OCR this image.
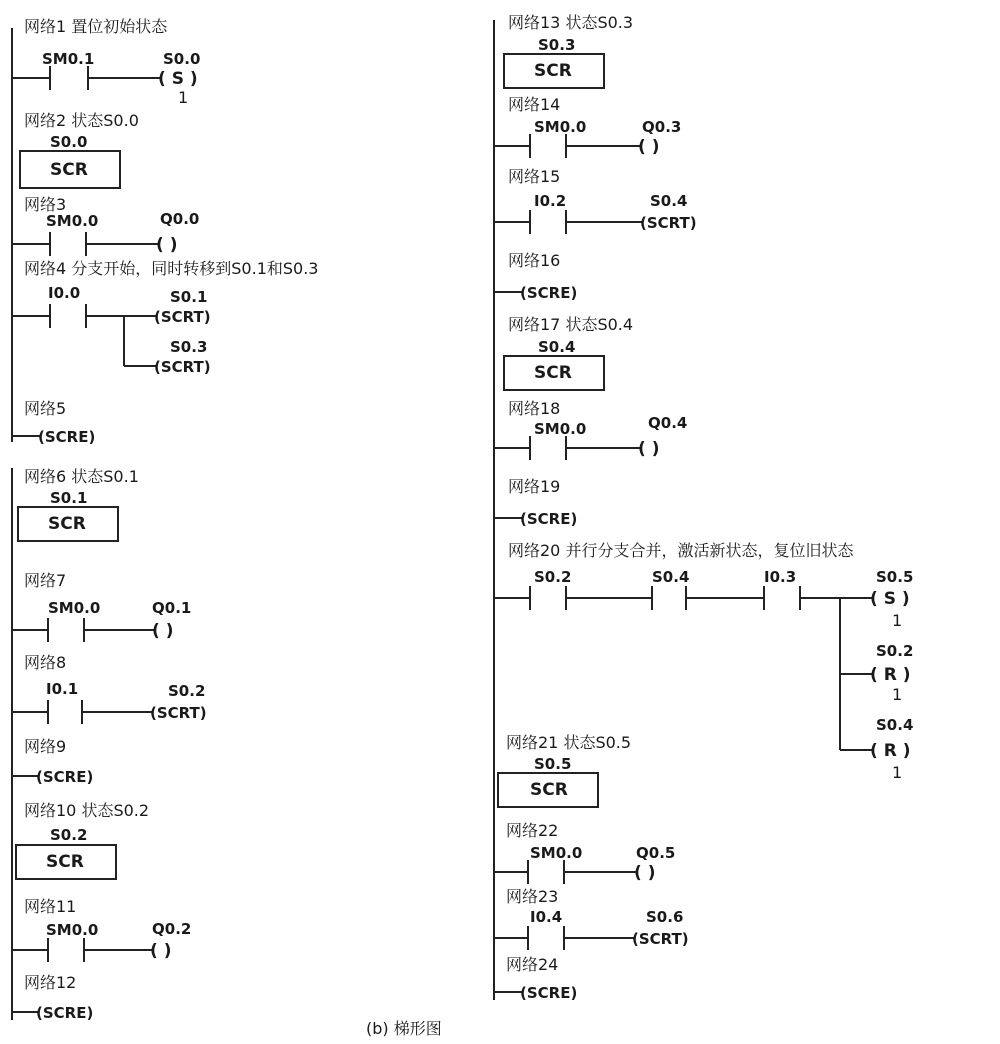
网络1 置位初始状态
SM0.1	S0.0
( S )
1
网络2 状态S0.0
S0.0
SCR
网络3
SM0.0	Q0.0
( )
网络4 分支开始，同时转移到S0.1和S0.3
I0.0	S0.1
(SCRT)
S0.3
(SCRT)
网络5
(SCRE)
网络6 状态S0.1
S0.1
SCR
网络7
SM0.0	Q0.1
( )
网络8
I0.1	S0.2
(SCRT)
网络9
(SCRE)
网络10 状态S0.2
S0.2
SCR
网络11
SM0.0	Q0.2
( )
网络12
(SCRE)
网络13 状态S0.3
S0.3
SCR
网络14
SM0.0	Q0.3
( )
网络15
I0.2	S0.4
(SCRT)
网络16
(SCRE)
网络17 状态S0.4
S0.4
SCR
网络18
SM0.0	Q0.4
( )
网络19
(SCRE)
网络20 并行分支合并，激活新状态，复位旧状态
S0.2	S0.4	I0.3	S0.5
( S )
1
S0.2
( R )
1
S0.4
( R )
1
网络21 状态S0.5
S0.5
SCR
网络22
SM0.0	Q0.5
( )
网络23
I0.4	S0.6
(SCRT)
网络24
(SCRE)
(b) 梯形图
